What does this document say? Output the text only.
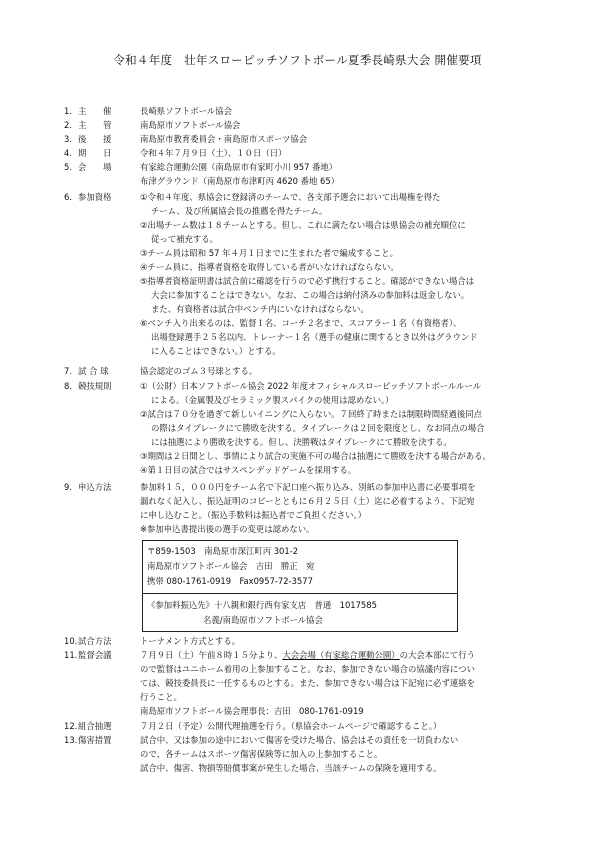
令和４年度　壮年スローピッチソフトボール夏季長崎県大会 開催要項
1. 主　　催	長崎県ソフトボール協会
2. 主　　管	南島原市ソフトボール協会
3. 後　　援	南島原市教育委員会・南島原市スポーツ協会
4. 期　　日	令和４年７月９日（土）、１０日（日）
5. 会　　場	有家総合運動公園（南島原市有家町小川 957 番地）
布津グラウンド（南島原市布津町丙 4620 番地 65）
6. 参加資格	①令和４年度、県協会に登録済のチームで、各支部予選会において出場権を得た
チーム、及び所属協会長の推薦を得たチーム。
②出場チーム数は１８チームとする。但し、これに満たない場合は県協会の補充順位に
従って補充する。
③チーム員は昭和 57 年４月１日までに生まれた者で編成すること。
④チーム員に、指導者資格を取得している者がいなければならない。
⑤指導者資格証明書は試合前に確認を行うので必ず携行すること。確認ができない場合は
大会に参加することはできない。なお、この場合は納付済みの参加料は返金しない。
また、有資格者は試合中ベンチ内にいなければならない。
⑥ベンチ入り出来るのは、監督１名、コーチ２名まで、スコアラー１名（有資格者）、
出場登録選手２５名以内、トレーナー１名（選手の健康に関するとき以外はグラウンド
に入ることはできない。）とする。
7. 試 合 球	協会認定のゴム３号球とする。
8. 競技規則	①（公財）日本ソフトボール協会 2022 年度オフィシャルスローピッチソフトボールルール
による。（金属製及びセラミック製スパイクの使用は認めない。）
②試合は７０分を過ぎて新しいイニングに入らない。７回終了時または制限時間経過後同点
の際はタイブレークにて勝敗を決する。タイブレークは２回を限度とし、なお同点の場合
には抽選により勝敗を決する。但し、決勝戦はタイブレークにて勝敗を決する。
③期間は２日間とし、事情により試合の実施不可の場合は抽選にて勝敗を決する場合がある。
④第１日目の試合ではサスペンデッドゲームを採用する。
9. 申込方法	参加料１５，０００円をチーム名で下記口座へ振り込み、別紙の参加申込書に必要事項を
漏れなく記入し、振込証明のコピーとともに６月２５日（土）迄に必着するよう、下記宛
に申し込むこと。（振込手数料は振込者でご負担ください。）
※参加申込書提出後の選手の変更は認めない。
〒859-1503　南島原市深江町丙 301-2
南島原市ソフトボール協会　吉田　勝正　宛
携帯 080-1761-0919　Fax0957-72-3577
《参加料振込先》十八親和銀行西有家支店　普通　1017585
名義/南島原市ソフトボール協会
10. 試合方法	トーナメント方式とする。
11. 監督会議	７月９日（土）午前８時１５分より、大会会場（有家総合運動公園）の大会本部にて行う
ので監督はユニホーム着用の上参加すること。なお、参加できない場合の協議内容につい
ては、競技委員長に一任するものとする。また、参加できない場合は下記宛に必ず連絡を
行うこと。
南島原市ソフトボール協会理事長：吉田　080-1761-0919
12. 組合抽選	７月２日（予定）公開代理抽選を行う。（県協会ホームページで確認すること。）
13. 傷害措置	試合中、又は参加の途中において傷害を受けた場合、協会はその責任を一切負わない
ので、各チームはスポーツ傷害保険等に加入の上参加すること。
試合中、傷害、物損等賠償事案が発生した場合、当該チームの保険を適用する。
